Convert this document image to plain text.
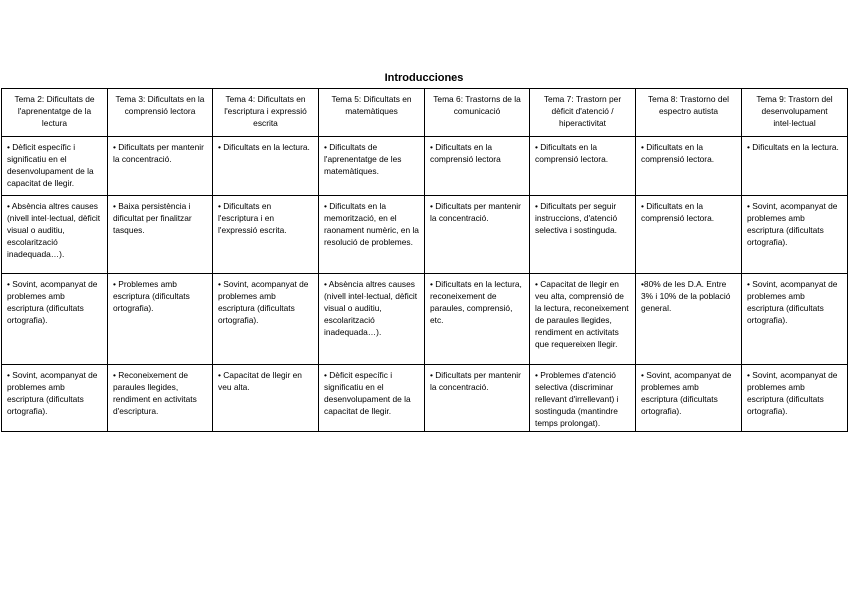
Introducciones
Tema 2: Dificultats de l'aprenentatge de la lectura	Tema 3: Dificultats en la comprensió lectora	Tema 4: Dificultats en l'escriptura i expressió escrita	Tema 5: Dificultats en matemàtiques	Tema 6: Trastorns de la comunicació	Tema 7: Trastorn per dèficit d'atenció / hiperactivitat	Tema 8: Trastorno del espectro autista	Tema 9: Trastorn del desenvolupament intel·lectual
• Dèficit específic i significatiu en el desenvolupament de la capacitat de llegir.	• Dificultats per mantenir la concentració.	• Dificultats en la lectura.	• Dificultats de l'aprenentatge de les matemàtiques.	• Dificultats en la comprensió lectora	• Dificultats en la comprensió lectora.	• Dificultats en la comprensió lectora.	• Dificultats en la lectura.
• Absència altres causes (nivell intel·lectual, dèficit visual o auditiu, escolarització inadequada…).	• Baixa persistència i dificultat per finalitzar tasques.	• Dificultats en l'escriptura i en l'expressió escrita.	• Dificultats en la memorització, en el raonament numèric, en la resolució de problemes.	• Dificultats per mantenir la concentració.	• Dificultats per seguir instruccions, d'atenció selectiva i sostinguda.	• Dificultats en la comprensió lectora.	• Sovint, acompanyat de problemes amb escriptura (dificultats ortografia).
• Sovint, acompanyat de problemes amb escriptura (dificultats ortografia).	• Problemes amb escriptura (dificultats ortografia).	• Sovint, acompanyat de problemes amb escriptura (dificultats ortografia).	• Absència altres causes (nivell intel·lectual, dèficit visual o auditiu, escolarització inadequada…).	• Dificultats en la lectura, reconeixement de paraules, comprensió, etc.	• Capacitat de llegir en veu alta, comprensió de la lectura, reconeixement de paraules llegides, rendiment en activitats que requereixen llegir.	•80% de les D.A. Entre 3% i 10% de la població general.	• Sovint, acompanyat de problemes amb escriptura (dificultats ortografia).
• Sovint, acompanyat de problemes amb escriptura (dificultats ortografia).	• Reconeixement de paraules llegides, rendiment en activitats d'escriptura.	• Capacitat de llegir en veu alta.	• Dèficit específic i significatiu en el desenvolupament de la capacitat de llegir.	• Dificultats per mantenir la concentració.	• Problemes d'atenció selectiva (discriminar rellevant d'irrellevant) i sostinguda (mantindre temps prolongat).	• Sovint, acompanyat de problemes amb escriptura (dificultats ortografia).	• Sovint, acompanyat de problemes amb escriptura (dificultats ortografia).
